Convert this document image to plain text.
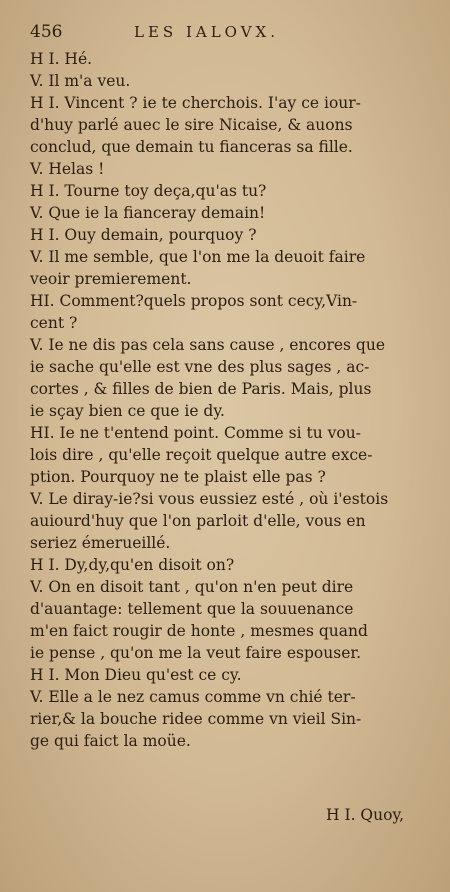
456	LES IALOVX.
H I. Hé.
V. Il m'a veu.
H I. Vincent ? ie te cherchois. I'ay ce iour-
d'huy parlé auec le sire Nicaise, & auons
conclud, que demain tu fianceras sa fille.
V. Helas !
H I. Tourne toy deça,qu'as tu?
V. Que ie la fianceray demain!
H I. Ouy demain, pourquoy ?
V. Il me semble, que l'on me la deuoit faire
veoir premierement.
HI. Comment?quels propos sont cecy,Vin-
cent ?
V. Ie ne dis pas cela sans cause , encores que
ie sache qu'elle est vne des plus sages , ac-
cortes , & filles de bien de Paris. Mais, plus
ie sçay bien ce que ie dy.
HI. Ie ne t'entend point. Comme si tu vou-
lois dire , qu'elle reçoit quelque autre exce-
ption. Pourquoy ne te plaist elle pas ?
V. Le diray-ie?si vous eussiez esté , où i'estois
auiourd'huy que l'on parloit d'elle, vous en
seriez émerueillé.
H I. Dy,dy,qu'en disoit on?
V. On en disoit tant , qu'on n'en peut dire
d'auantage: tellement que la souuenance
m'en faict rougir de honte , mesmes quand
ie pense , qu'on me la veut faire espouser.
H I. Mon Dieu qu'est ce cy.
V. Elle a le nez camus comme vn chié ter-
rier,& la bouche ridee comme vn vieil Sin-
ge qui faict la moüe.
H I. Quoy,
